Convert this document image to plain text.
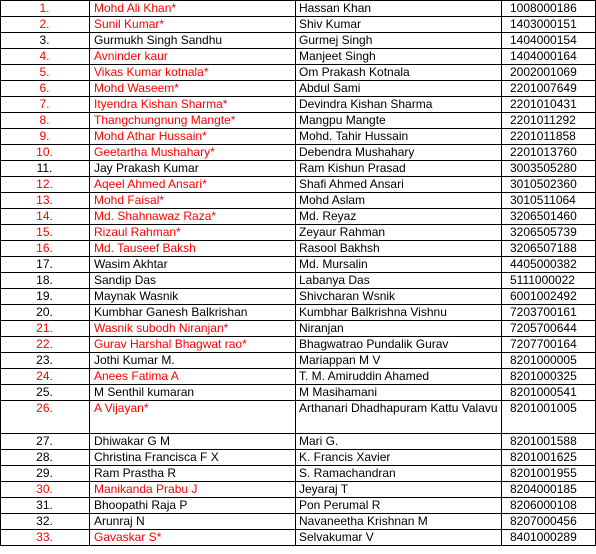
1.	Mohd Ali Khan*	Hassan Khan	1008000186
2.	Sunil Kumar*	Shiv Kumar	1403000151
3.	Gurmukh Singh Sandhu	Gurmej Singh	1404000154
4.	Avninder kaur	Manjeet Singh	1404000164
5.	Vikas Kumar kotnala*	Om Prakash Kotnala	2002001069
6.	Mohd Waseem*	Abdul Sami	2201007649
7.	Ityendra Kishan Sharma*	Devindra Kishan Sharma	2201010431
8.	Thangchungnung Mangte*	Mangpu Mangte	2201011292
9.	Mohd Athar Hussain*	Mohd. Tahir Hussain	2201011858
10.	Geetartha Mushahary*	Debendra Mushahary	2201013760
11.	Jay Prakash Kumar	Ram Kishun Prasad	3003505280
12.	Aqeel Ahmed Ansari*	Shafi Ahmed Ansari	3010502360
13.	Mohd Faisal*	Mohd Aslam	3010511064
14.	Md. Shahnawaz Raza*	Md. Reyaz	3206501460
15.	Rizaul Rahman*	Zeyaur Rahman	3206505739
16.	Md. Tauseef Baksh	Rasool Bakhsh	3206507188
17.	Wasim Akhtar	Md. Mursalin	4405000382
18.	Sandip Das	Labanya Das	5111000022
19.	Maynak Wasnik	Shivcharan Wsnik	6001002492
20.	Kumbhar Ganesh Balkrishan	Kumbhar Balkrishna Vishnu	7203700161
21.	Wasnik subodh Niranjan*	Niranjan	7205700644
22.	Gurav Harshal Bhagwat rao*	Bhagwatrao Pundalik Gurav	7207700164
23.	Jothi Kumar M.	Mariappan M V	8201000005
24.	Anees Fatima A	T. M. Amiruddin Ahamed	8201000325
25.	M Senthil kumaran	M Masihamani	8201000541
26.	A Vijayan*	Arthanari Dhadhapuram Kattu Valavu	8201001005
27.	Dhiwakar G M	Mari G.	8201001588
28.	Christina Francisca F X	K. Francis Xavier	8201001625
29.	Ram Prastha R	S. Ramachandran	8201001955
30.	Manikanda Prabu J	Jeyaraj T	8204000185
31.	Bhoopathi Raja P	Pon Perumal R	8206000108
32.	Arunraj N	Navaneetha Krishnan M	8207000456
33.	Gavaskar S*	Selvakumar V	8401000289
